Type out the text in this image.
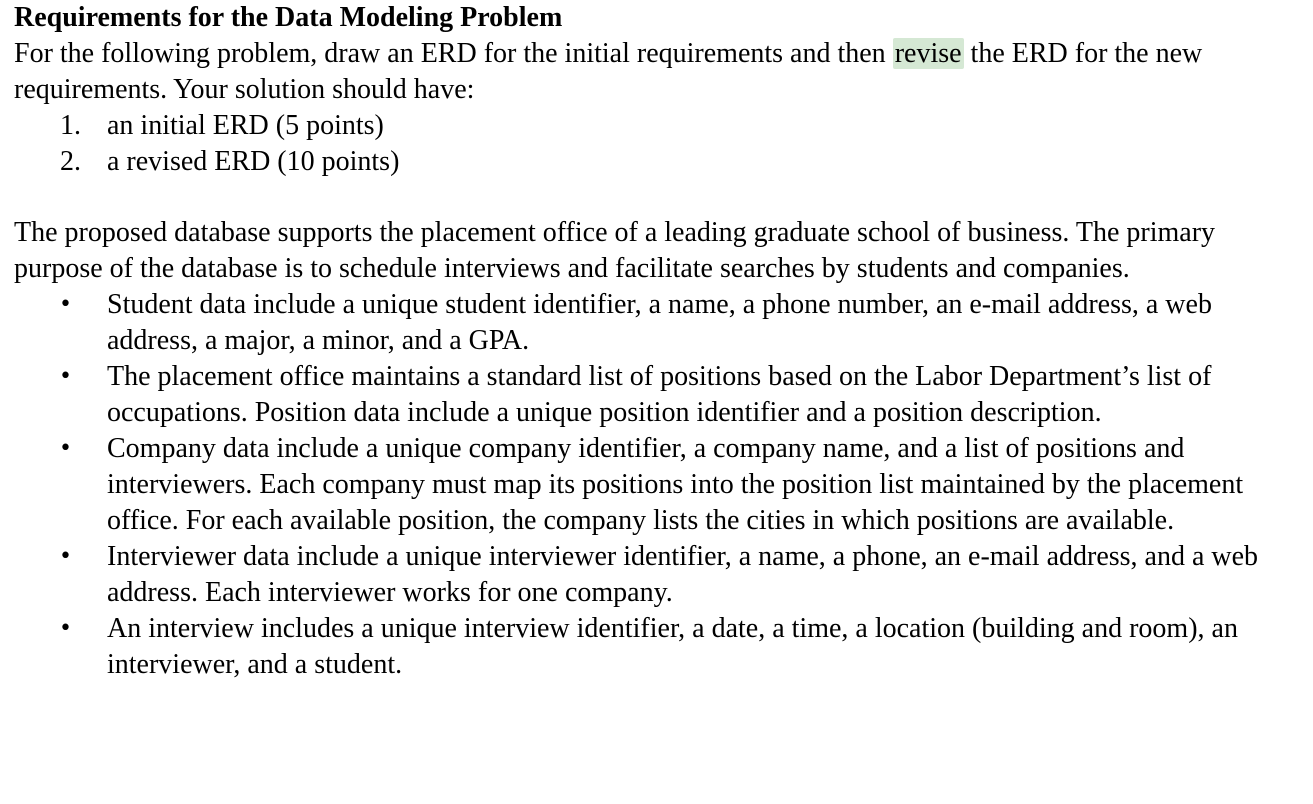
Requirements for the Data Modeling Problem

For the following problem, draw an ERD for the initial requirements and then revise the ERD for the new requirements. Your solution should have:

1. an initial ERD (5 points)
2. a revised ERD (10 points)

The proposed database supports the placement office of a leading graduate school of business. The primary purpose of the database is to schedule interviews and facilitate searches by students and companies.

• Student data include a unique student identifier, a name, a phone number, an e-mail address, a web address, a major, a minor, and a GPA.
• The placement office maintains a standard list of positions based on the Labor Department’s list of occupations. Position data include a unique position identifier and a position description.
• Company data include a unique company identifier, a company name, and a list of positions and interviewers. Each company must map its positions into the position list maintained by the placement office. For each available position, the company lists the cities in which positions are available.
• Interviewer data include a unique interviewer identifier, a name, a phone, an e-mail address, and a web address. Each interviewer works for one company.
• An interview includes a unique interview identifier, a date, a time, a location (building and room), an interviewer, and a student.
